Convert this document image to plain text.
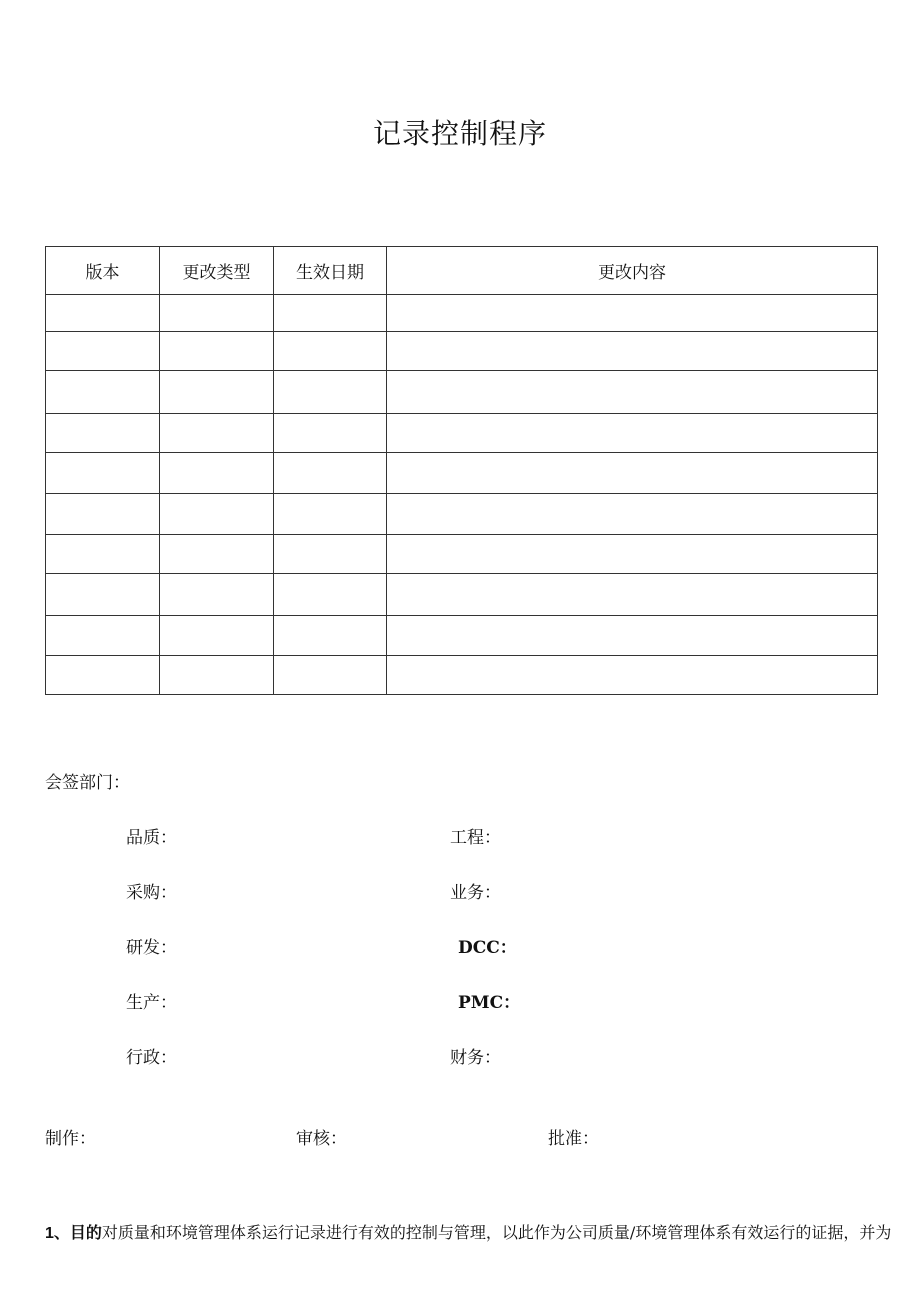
记录控制程序
版本	更改类型	生效日期	更改内容

会签部门：
品质：	工程：
采购：	业务：
研发：	DCC：
生产：	PMC：
行政：	财务：
制作：	审核：	批准：
1、目的对质量和环境管理体系运行记录进行有效的控制与管理，以此作为公司质量/环境管理体系有效运行的证据，并为
